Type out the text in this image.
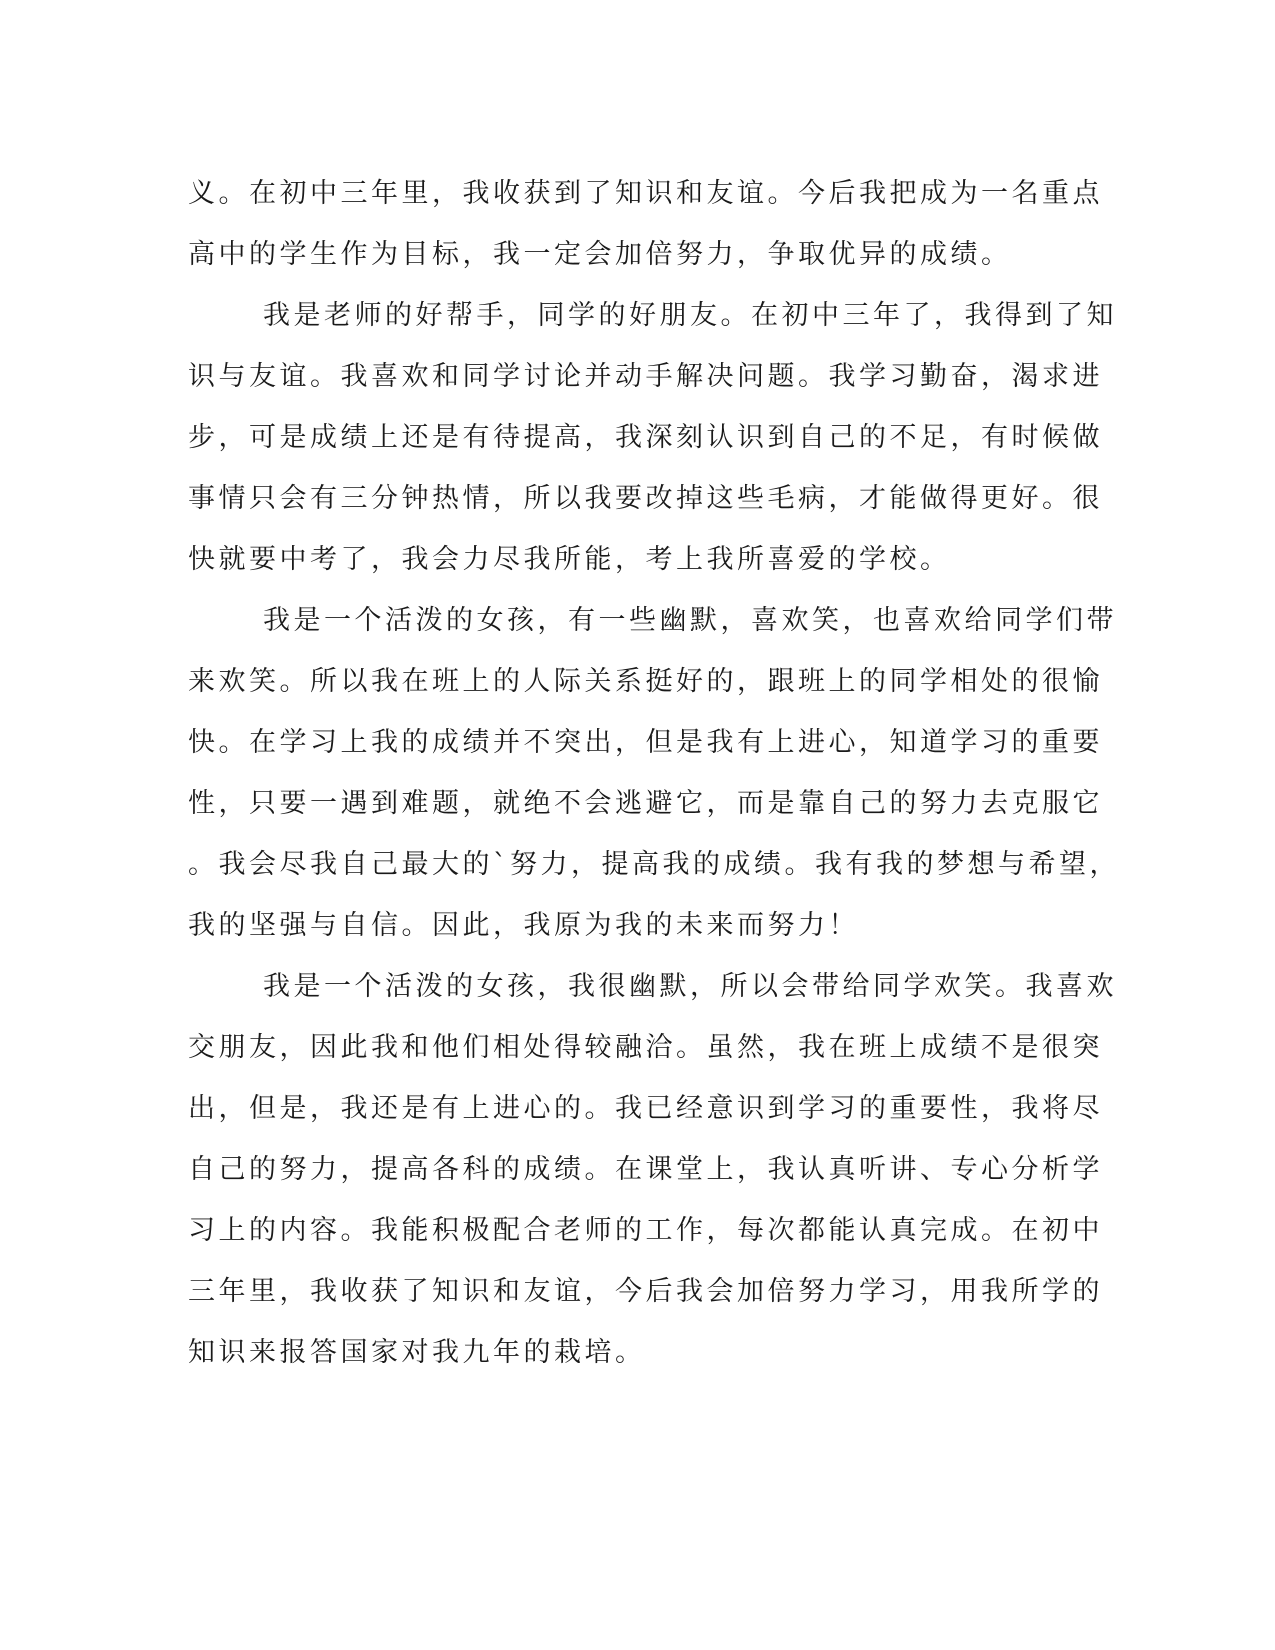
义。在初中三年里，我收获到了知识和友谊。今后我把成为一名重点
高中的学生作为目标，我一定会加倍努力，争取优异的成绩。
我是老师的好帮手，同学的好朋友。在初中三年了，我得到了知
识与友谊。我喜欢和同学讨论并动手解决问题。我学习勤奋，渴求进
步，可是成绩上还是有待提高，我深刻认识到自己的不足，有时候做
事情只会有三分钟热情，所以我要改掉这些毛病，才能做得更好。很
快就要中考了，我会力尽我所能，考上我所喜爱的学校。
我是一个活泼的女孩，有一些幽默，喜欢笑，也喜欢给同学们带
来欢笑。所以我在班上的人际关系挺好的，跟班上的同学相处的很愉
快。在学习上我的成绩并不突出，但是我有上进心，知道学习的重要
性，只要一遇到难题，就绝不会逃避它，而是靠自己的努力去克服它
。我会尽我自己最大的`努力，提高我的成绩。我有我的梦想与希望，
我的坚强与自信。因此，我原为我的未来而努力！
我是一个活泼的女孩，我很幽默，所以会带给同学欢笑。我喜欢
交朋友，因此我和他们相处得较融洽。虽然，我在班上成绩不是很突
出，但是，我还是有上进心的。我已经意识到学习的重要性，我将尽
自己的努力，提高各科的成绩。在课堂上，我认真听讲、专心分析学
习上的内容。我能积极配合老师的工作，每次都能认真完成。在初中
三年里，我收获了知识和友谊，今后我会加倍努力学习，用我所学的
知识来报答国家对我九年的栽培。
